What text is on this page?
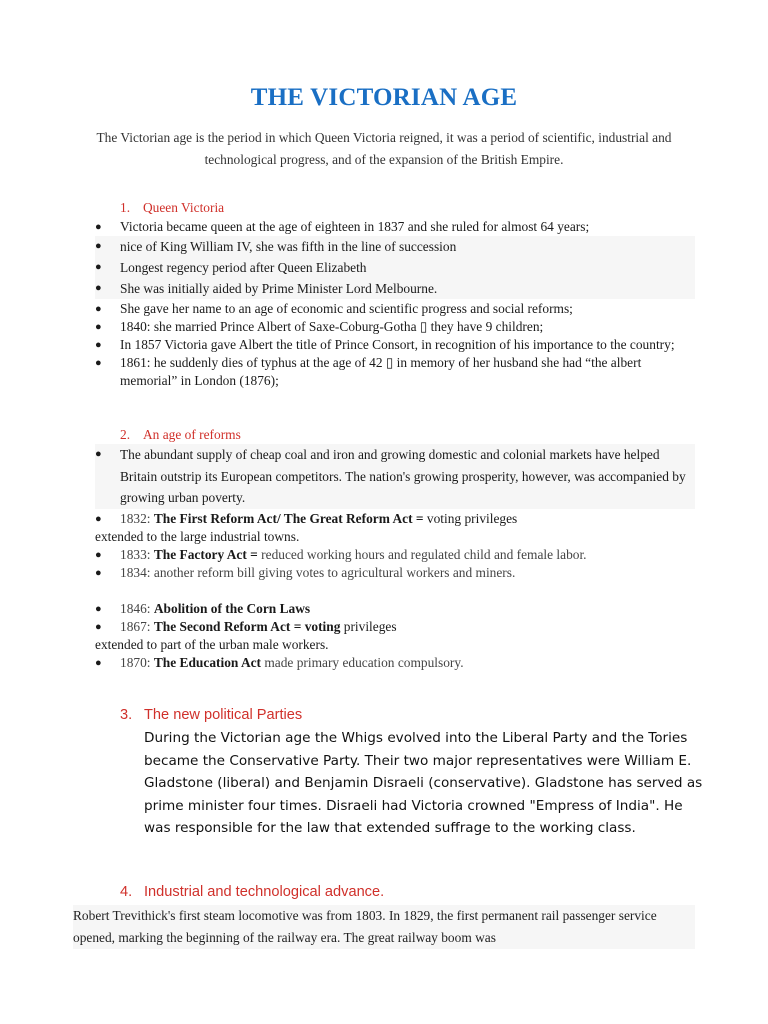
THE VICTORIAN AGE
The Victorian age is the period in which Queen Victoria reigned, it was a period of scientific, industrial and technological progress, and of the expansion of the British Empire.
1. Queen Victoria
● Victoria became queen at the age of eighteen in 1837 and she ruled for almost 64 years;
● nice of King William IV, she was fifth in the line of succession
● Longest regency period after Queen Elizabeth
● She was initially aided by Prime Minister Lord Melbourne.
● She gave her name to an age of economic and scientific progress and social reforms;
● 1840: she married Prince Albert of Saxe-Coburg-Gotha ▯ they have 9 children;
● In 1857 Victoria gave Albert the title of Prince Consort, in recognition of his importance to the country;
● 1861: he suddenly dies of typhus at the age of 42 ▯ in memory of her husband she had “the albert memorial” in London (1876);
2. An age of reforms
● The abundant supply of cheap coal and iron and growing domestic and colonial markets have helped Britain outstrip its European competitors. The nation's growing prosperity, however, was accompanied by growing urban poverty.
● 1832: The First Reform Act/ The Great Reform Act = voting privileges
extended to the large industrial towns.
● 1833: The Factory Act = reduced working hours and regulated child and female labor.
● 1834: another reform bill giving votes to agricultural workers and miners.
● 1846: Abolition of the Corn Laws
● 1867: The Second Reform Act = voting privileges
extended to part of the urban male workers.
● 1870: The Education Act made primary education compulsory.
3. The new political Parties
During the Victorian age the Whigs evolved into the Liberal Party and the Tories became the Conservative Party. Their two major representatives were William E. Gladstone (liberal) and Benjamin Disraeli (conservative). Gladstone has served as prime minister four times. Disraeli had Victoria crowned "Empress of India". He was responsible for the law that extended suffrage to the working class.
4. Industrial and technological advance.
Robert Trevithick's first steam locomotive was from 1803. In 1829, the first permanent rail passenger service opened, marking the beginning of the railway era. The great railway boom was
